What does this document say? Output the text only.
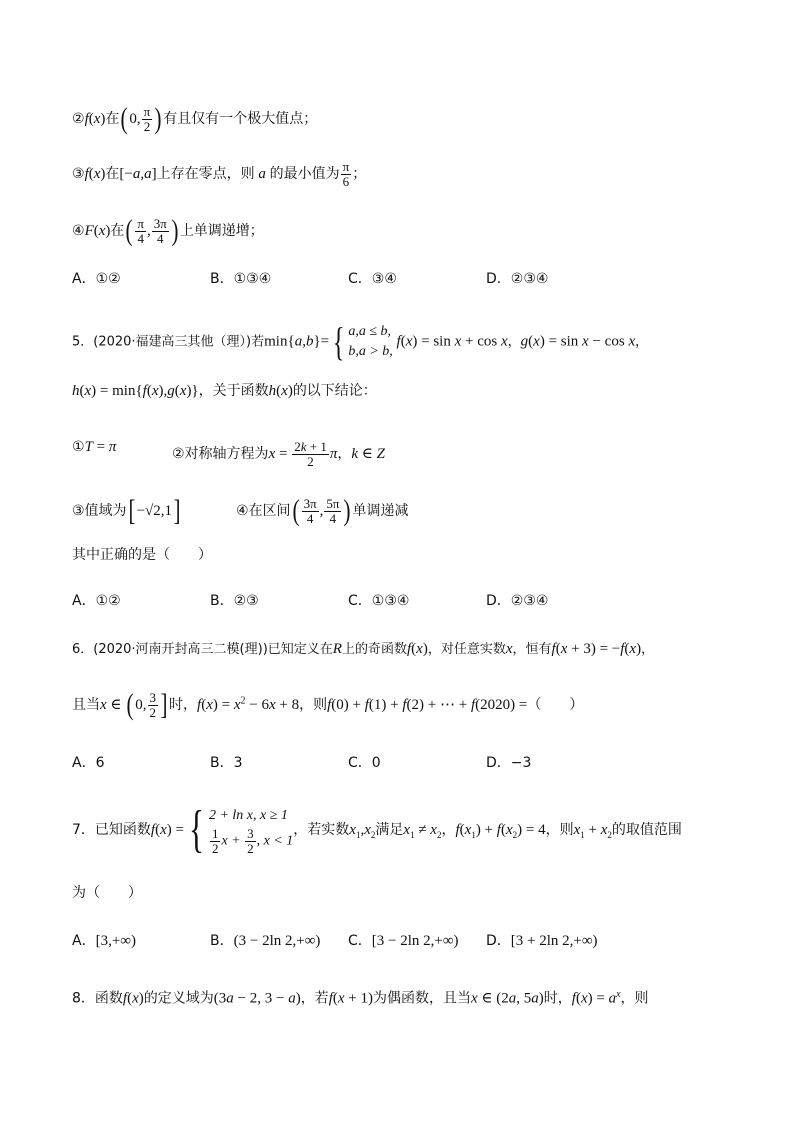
②f(x)在( 0, $\frac{\pi}{2}$ ) 有且仅有一个极大值点；
③f(x)在[−a,a]上存在零点，则 a 的最小值为 $\frac{\pi}{6}$ ；
④F(x)在( $\frac{\pi}{4}$ , $\frac{3\pi}{4}$ ) 上单调递增；
A．①②	B．①③④	C．③④	D．②③④
5．(2020·福建高三其他（理）)若min{a,b}= { a,a ≤ b,
b,a > b,
f(x) = sin x + cos x，g(x) = sin x − cos x，
h(x) = min{f(x),g(x)}，关于函数h(x)的以下结论：
①T = π	②对称轴方程为$x = \frac{2k + 1}{2}$ π，k ∈ Z
③值域为[ −√2,1]	④在区间( $\frac{3\pi}{4}$ , $\frac{5\pi}{4}$ ) 单调递减
其中正确的是（　　）
A．①②	B．②③	C．①③④	D．②③④
6．(2020·河南开封高三二模(理))已知定义在R上的奇函数f(x)，对任意实数x，恒有f(x + 3) = −f(x)，
且当x ∈ ( 0, $\frac{3}{2}$ ] 时，$f(x) = x^2 - 6x + 8$，则f(0) + f(1) + f(2) + ⋯ + f(2020) =（　　）
A．6	B．3	C．0	D．−3
7．已知函数f(x) = { 2 + ln x, x ≥ 1
$\frac{1}{2}$ $x + \frac{3}{2}$ , x < 1
，若实数$x_1,x_2$满足$x_1 \ne x_2$，$f(x_1) + f(x_2) = 4$，则$x_1 + x_2$的取值范围
为（　　）
A．[3,+∞)	B．(3 − 2ln 2,+∞) C．[3 − 2ln 2,+∞) D．[3 + 2ln 2,+∞)
8．函数f(x)的定义域为(3a − 2, 3 − a)，若f(x + 1)为偶函数，且当x ∈ (2a, 5a)时，$f(x) = a^x$，则
